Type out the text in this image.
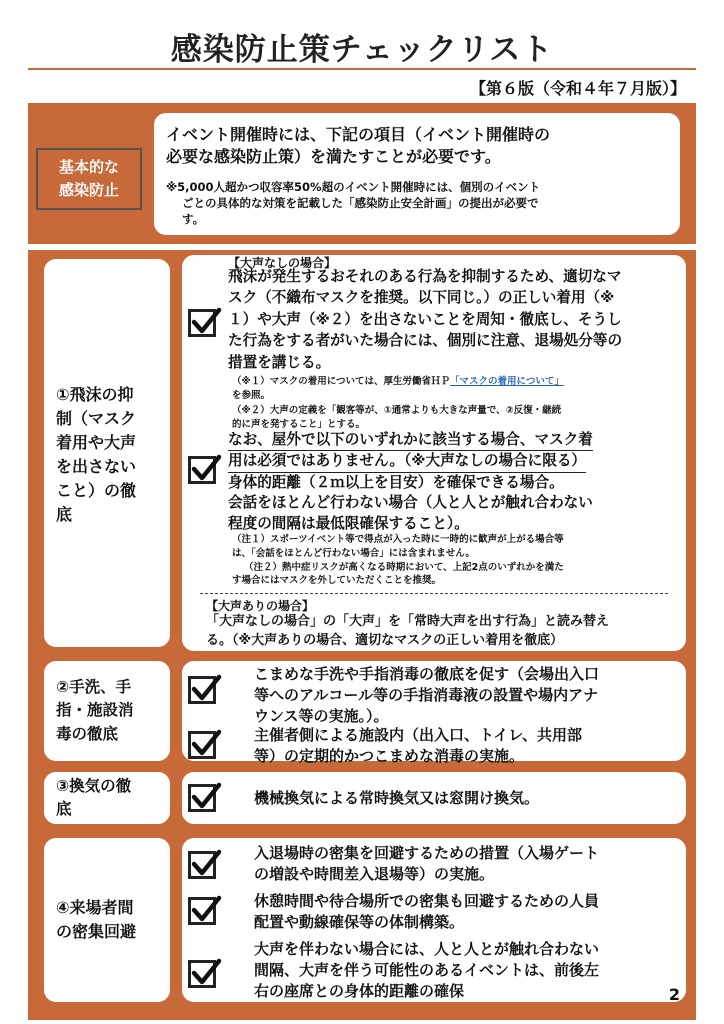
感染防止策チェックリスト
【第６版（令和４年７月版）】
基本的な
感染防止
イベント開催時には、下記の項目（イベント開催時の
必要な感染防止策）を満たすことが必要です。
※5,000人超かつ収容率50%超のイベント開催時には、個別のイベント
ごとの具体的な対策を記載した「感染防止安全計画」の提出が必要で
す。
①飛沫の抑
制（マスク
着用や大声
を出さない
こと）の徹
底
②手洗、手
指・施設消
毒の徹底
③換気の徹
底
④来場者間
の密集回避
【大声なしの場合】
飛沫が発生するおそれのある行為を抑制するため、適切なマ
スク（不織布マスクを推奨。以下同じ。）の正しい着用（※
１）や大声（※２）を出さないことを周知・徹底し、そうし
た行為をする者がいた場合には、個別に注意、退場処分等の
措置を講じる。
（※１）マスクの着用については、厚生労働省ＨＰ「マスクの着用について」
を参照。
（※２）大声の定義を「観客等が、①通常よりも大きな声量で、②反復・継続
的に声を発すること」とする。
なお、屋外で以下のいずれかに該当する場合、マスク着 用は必須ではありません。（※大声なしの場合に限る）
身体的距離（２ｍ以上を目安）を確保できる場合。
会話をほとんど行わない場合（人と人とが触れ合わない
程度の間隔は最低限確保すること）。
（注１）スポーツイベント等で得点が入った時に一時的に歓声が上がる場合等
は、「会話をほとんど行わない場合」には含まれません。
（注２）熱中症リスクが高くなる時期において、上記2点のいずれかを満た
す場合にはマスクを外していただくことを推奨。
【大声ありの場合】
「大声なしの場合」の「大声」を「常時大声を出す行為」と読み替え
る。（※大声ありの場合、適切なマスクの正しい着用を徹底）
こまめな手洗や手指消毒の徹底を促す（会場出入口
等へのアルコール等の手指消毒液の設置や場内アナ
ウンス等の実施。）。
主催者側による施設内（出入口、トイレ、共用部
等）の定期的かつこまめな消毒の実施。
機械換気による常時換気又は窓開け換気。
入退場時の密集を回避するための措置（入場ゲート
の増設や時間差入退場等）の実施。
休憩時間や待合場所での密集も回避するための人員
配置や動線確保等の体制構築。
大声を伴わない場合には、人と人とが触れ合わない
間隔、大声を伴う可能性のあるイベントは、前後左
右の座席との身体的距離の確保	2
